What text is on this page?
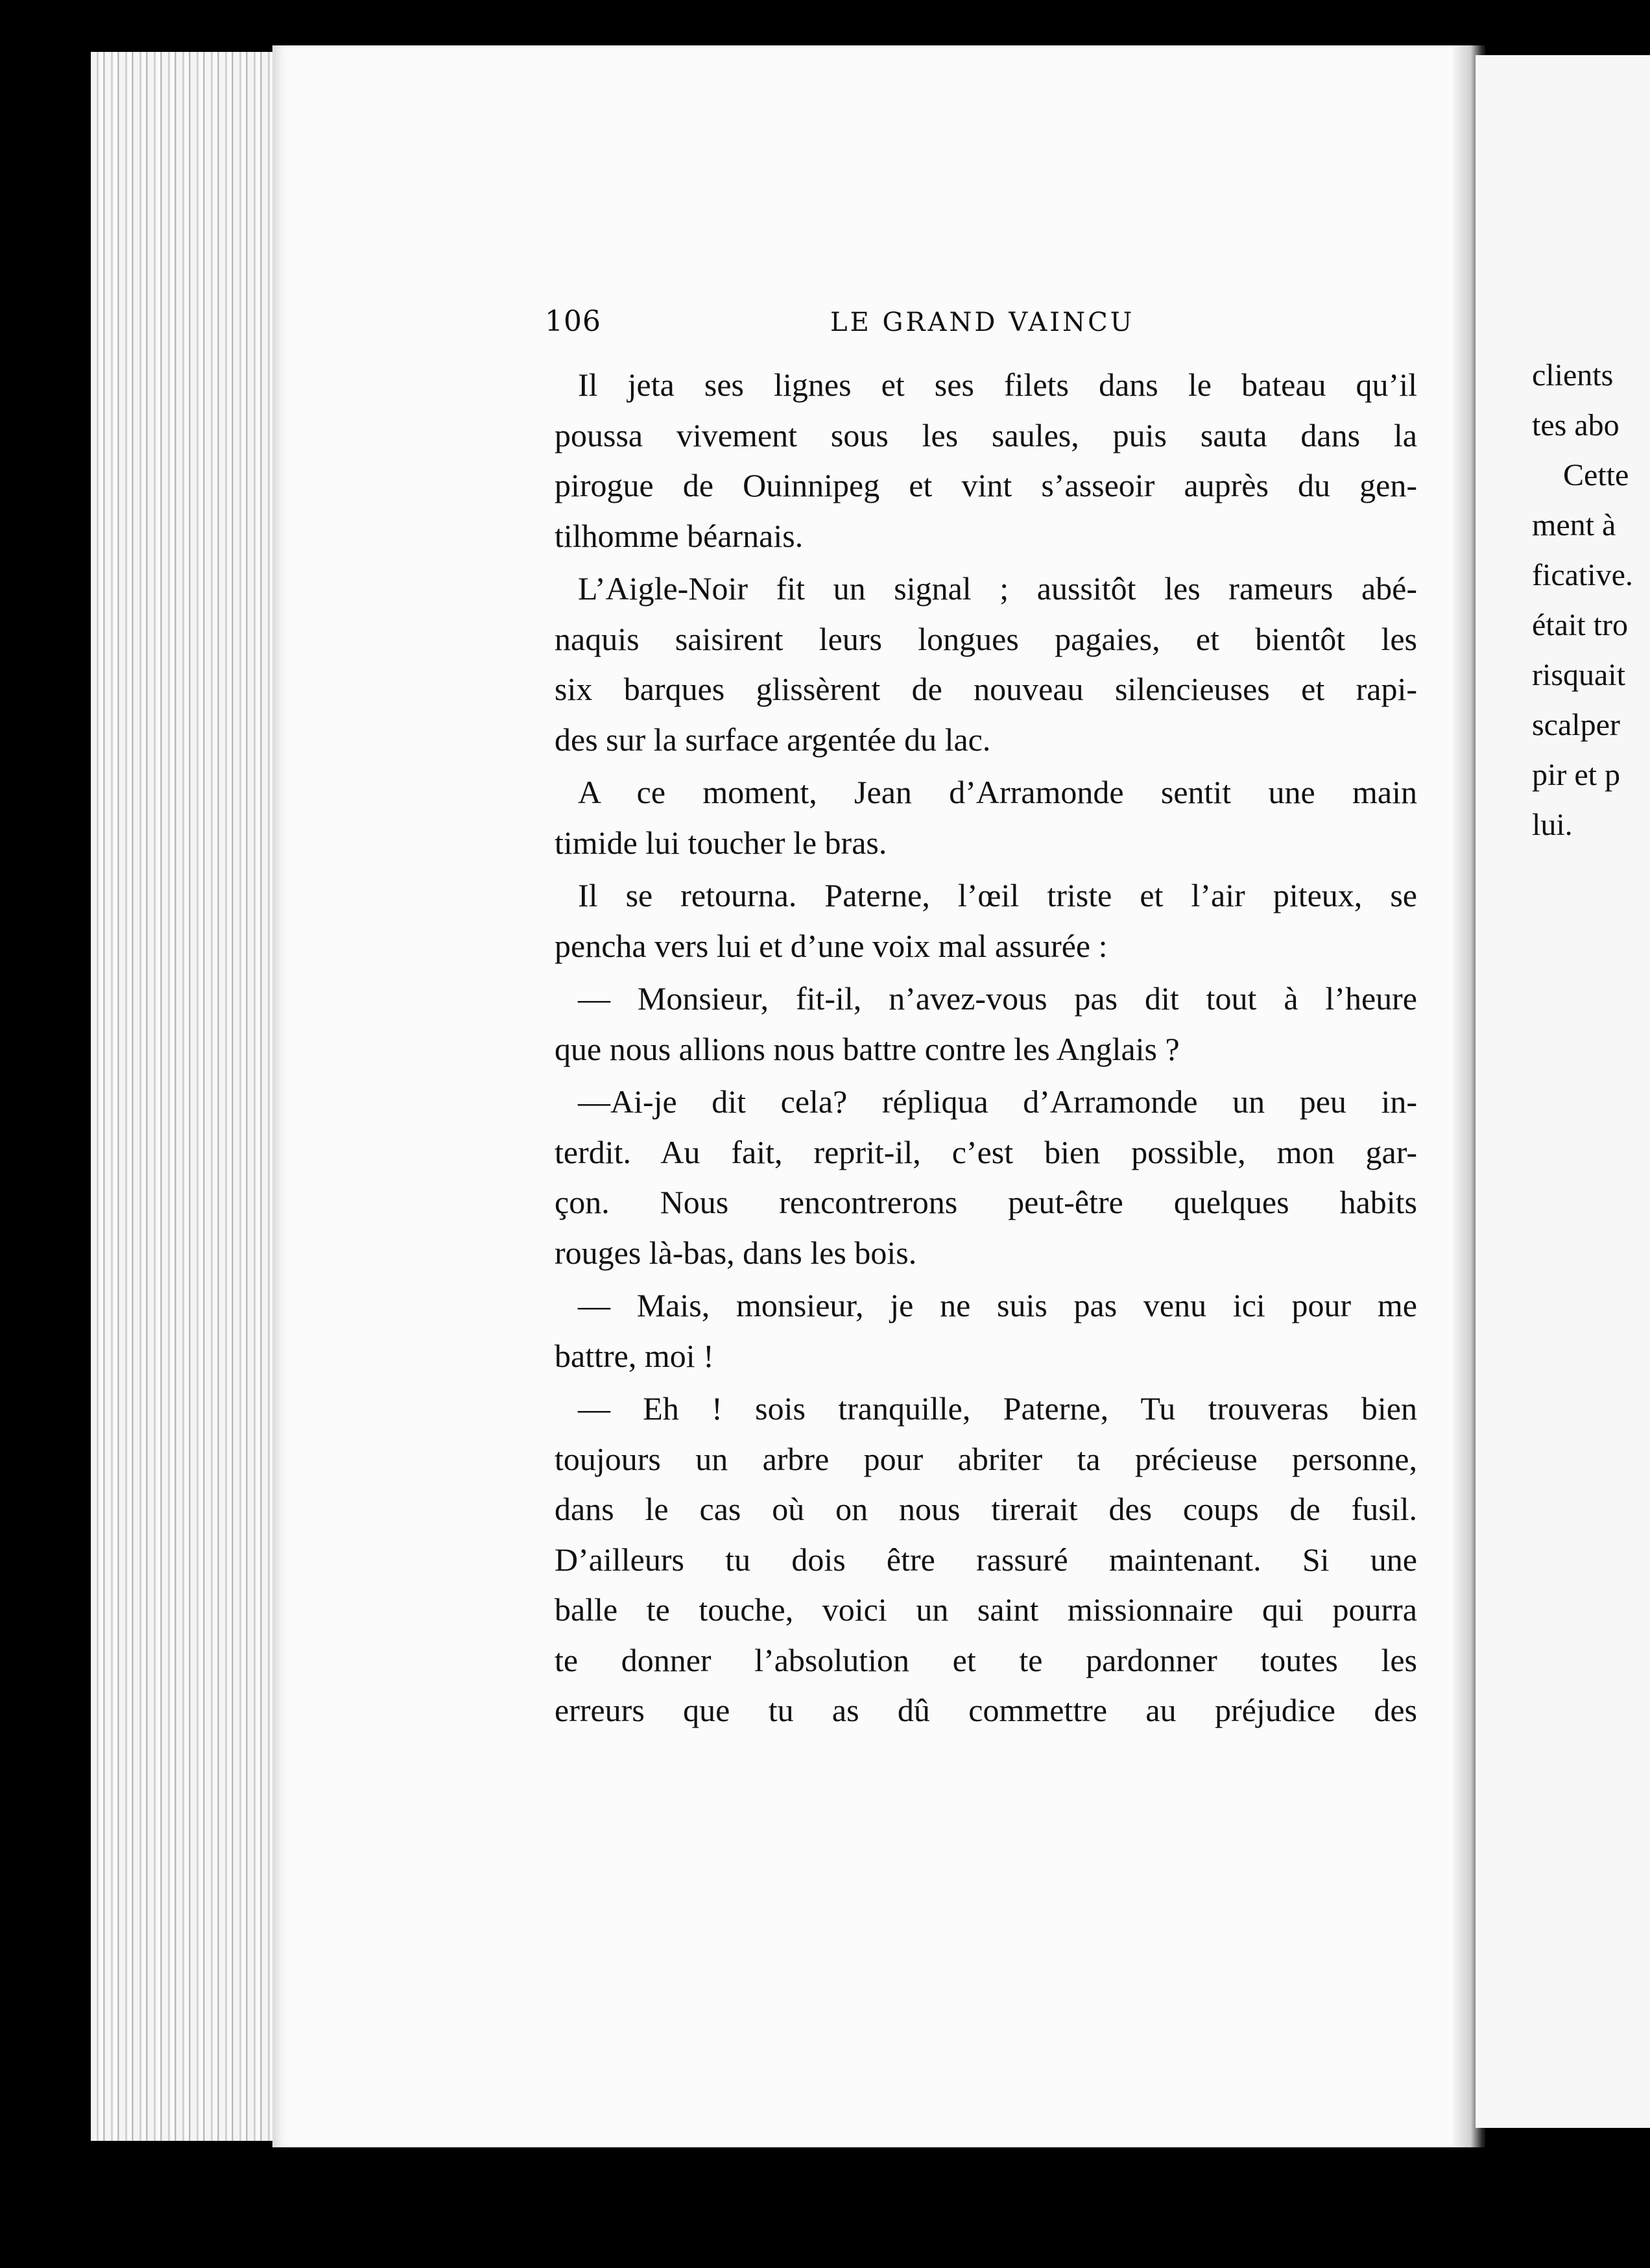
106	LE GRAND VAINCU
Il jeta ses lignes et ses filets dans le bateau qu’il
poussa vivement sous les saules, puis sauta dans la
pirogue de Ouinnipeg et vint s’asseoir auprès du gen-
tilhomme béarnais.
L’Aigle-Noir fit un signal ; aussitôt les rameurs abé-
naquis saisirent leurs longues pagaies, et bientôt les
six barques glissèrent de nouveau silencieuses et rapi-
des sur la surface argentée du lac.
A ce moment, Jean d’Arramonde sentit une main
timide lui toucher le bras.
Il se retourna. Paterne, l’œil triste et l’air piteux, se
pencha vers lui et d’une voix mal assurée :
— Monsieur, fit-il, n’avez-vous pas dit tout à l’heure
que nous allions nous battre contre les Anglais ?
—Ai-je dit cela? répliqua d’Arramonde un peu in-
terdit. Au fait, reprit-il, c’est bien possible, mon gar-
çon. Nous rencontrerons peut-être quelques habits
rouges là-bas, dans les bois.
— Mais, monsieur, je ne suis pas venu ici pour me
battre, moi !
— Eh ! sois tranquille, Paterne, Tu trouveras bien
toujours un arbre pour abriter ta précieuse personne,
dans le cas où on nous tirerait des coups de fusil.
D’ailleurs tu dois être rassuré maintenant. Si une
balle te touche, voici un saint missionnaire qui pourra
te donner l’absolution et te pardonner toutes les
erreurs que tu as dû commettre au préjudice des
clients
tes abo
Cette
ment à
ficative.
était tro
risquait
scalper
pir et p
lui.
